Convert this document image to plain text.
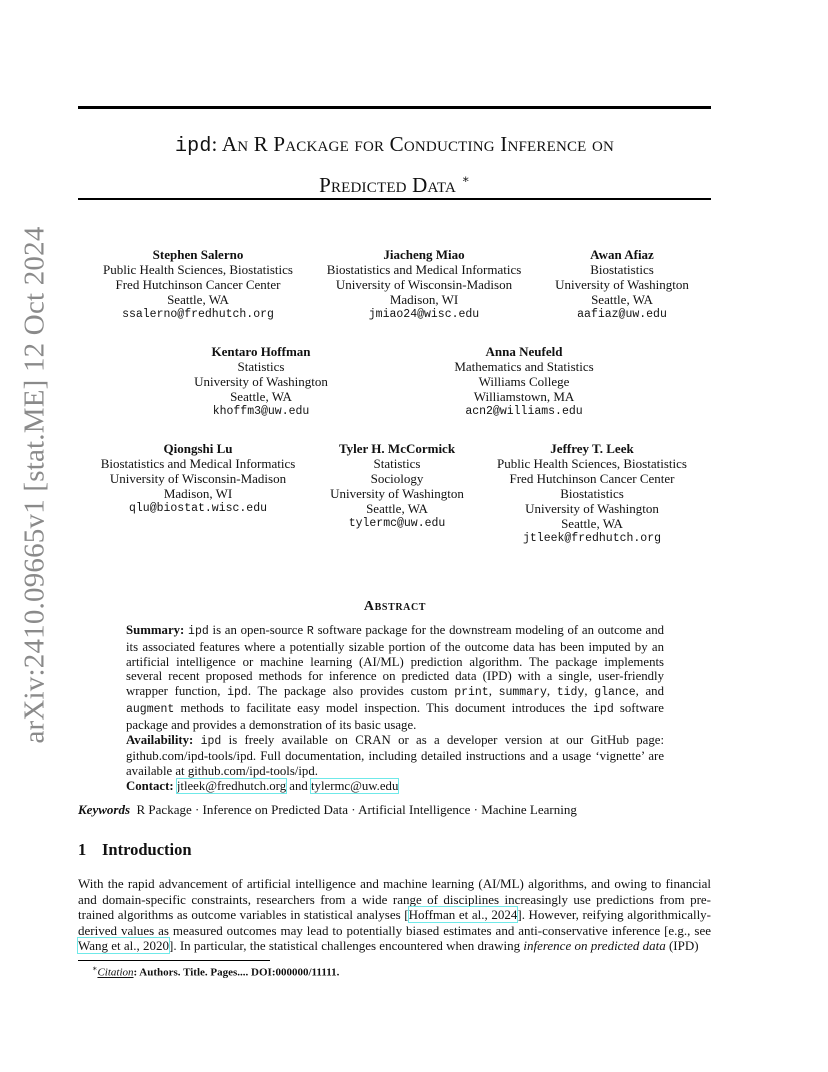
arXiv:2410.09665v1 [stat.ME] 12 Oct 2024
ipd: An R Package for Conducting Inference on
Predicted Data ∗
Stephen Salerno
Public Health Sciences, Biostatistics
Fred Hutchinson Cancer Center
Seattle, WA
ssalerno@fredhutch.org
Jiacheng Miao
Biostatistics and Medical Informatics
University of Wisconsin-Madison
Madison, WI
jmiao24@wisc.edu
Awan Afiaz
Biostatistics
University of Washington
Seattle, WA
aafiaz@uw.edu
Kentaro Hoffman
Statistics
University of Washington
Seattle, WA
khoffm3@uw.edu
Anna Neufeld
Mathematics and Statistics
Williams College
Williamstown, MA
acn2@williams.edu
Qiongshi Lu
Biostatistics and Medical Informatics
University of Wisconsin-Madison
Madison, WI
qlu@biostat.wisc.edu
Tyler H. McCormick
Statistics
Sociology
University of Washington
Seattle, WA
tylermc@uw.edu
Jeffrey T. Leek
Public Health Sciences, Biostatistics
Fred Hutchinson Cancer Center
Biostatistics
University of Washington
Seattle, WA
jtleek@fredhutch.org
Abstract

Summary: ipd is an open-source R software package for the downstream modeling of an outcome and its associated features where a potentially sizable portion of the outcome data has been imputed by an artificial intelligence or machine learning (AI/ML) prediction algorithm. The package implements several recent proposed methods for inference on predicted data (IPD) with a single, user-friendly wrapper function, ipd. The package also provides custom print, summary, tidy, glance, and augment methods to facilitate easy model inspection. This document introduces the ipd software package and provides a demonstration of its basic usage.

Availability: ipd is freely available on CRAN or as a developer version at our GitHub page: github.com/ipd-tools/ipd. Full documentation, including detailed instructions and a usage ‘vignette’ are available at github.com/ipd-tools/ipd.

Contact: jtleek@fredhutch.org and tylermc@uw.edu

Keywords R Package · Inference on Predicted Data · Artificial Intelligence · Machine Learning
1 Introduction

With the rapid advancement of artificial intelligence and machine learning (AI/ML) algorithms, and owing to financial and domain-specific constraints, researchers from a wide range of disciplines increasingly use predictions from pre-trained algorithms as outcome variables in statistical analyses [Hoffman et al., 2024]. However, reifying algorithmically-derived values as measured outcomes may lead to potentially biased estimates and anti-conservative inference [e.g., see Wang et al., 2020]. In particular, the statistical challenges encountered when drawing inference on predicted data (IPD)

∗Citation: Authors. Title. Pages.... DOI:000000/11111.
